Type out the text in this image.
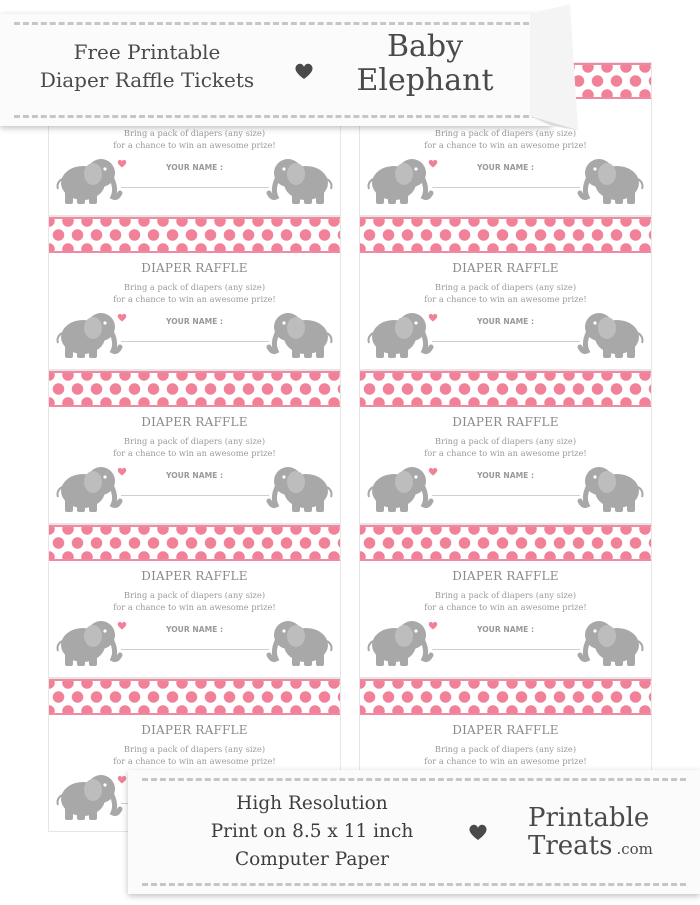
Bring a pack of diapers (any size)
for a chance to win an awesome prize!
YOUR NAME :
DIAPER RAFFLE
Bring a pack of diapers (any size)
for a chance to win an awesome prize!
YOUR NAME :
DIAPER RAFFLE
Bring a pack of diapers (any size)
for a chance to win an awesome prize!
YOUR NAME :
DIAPER RAFFLE
Bring a pack of diapers (any size)
for a chance to win an awesome prize!
YOUR NAME :
DIAPER RAFFLE
Bring a pack of diapers (any size)
for a chance to win an awesome prize!
Bring a pack of diapers (any size)
for a chance to win an awesome prize!
YOUR NAME :
DIAPER RAFFLE
Bring a pack of diapers (any size)
for a chance to win an awesome prize!
YOUR NAME :
DIAPER RAFFLE
Bring a pack of diapers (any size)
for a chance to win an awesome prize!
YOUR NAME :
DIAPER RAFFLE
Bring a pack of diapers (any size)
for a chance to win an awesome prize!
YOUR NAME :
DIAPER RAFFLE
Bring a pack of diapers (any size)
for a chance to win an awesome prize!
Free Printable
Diaper Raffle Tickets
Baby
Elephant
High Resolution
Print on 8.5 x 11 inch
Computer Paper
Printable
Treats .com
